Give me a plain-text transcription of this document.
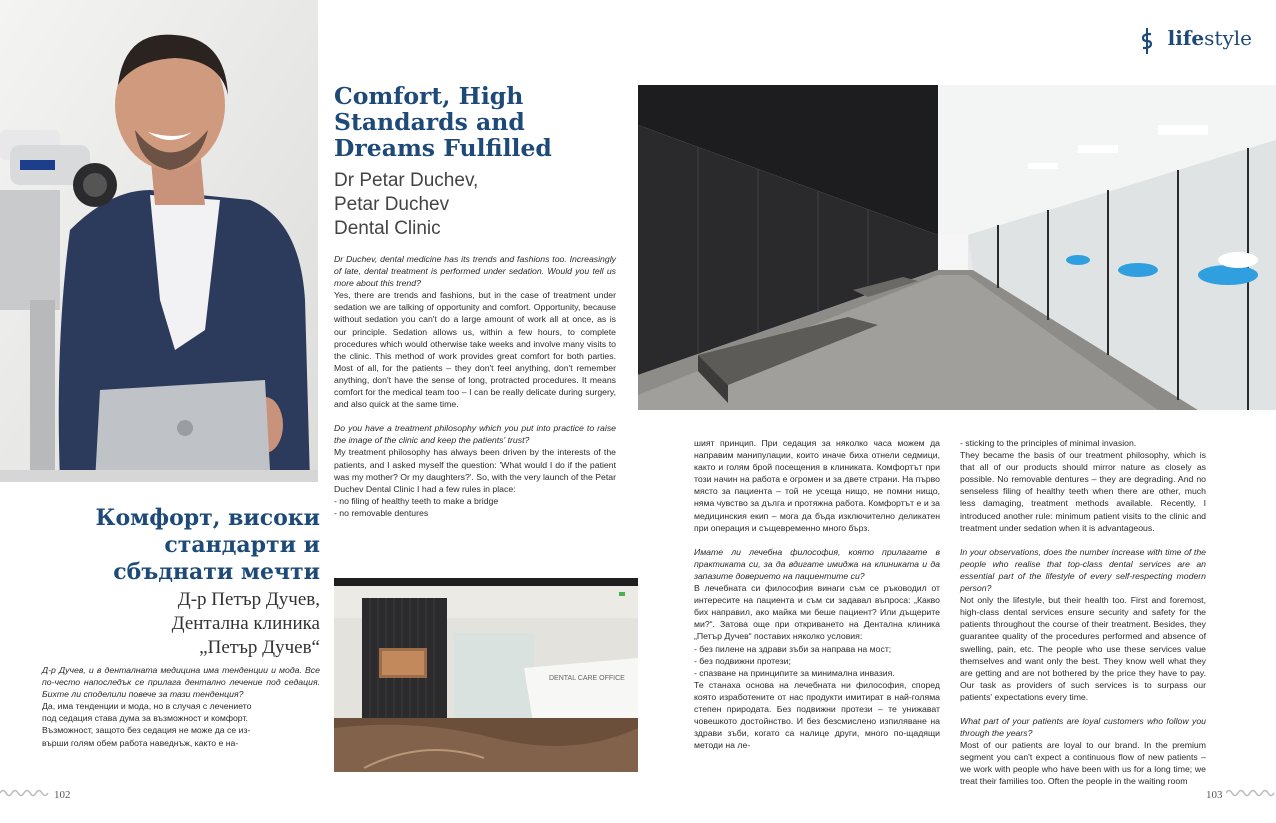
Comfort, High
Standards and
Dreams Fulfilled
Dr Petar Duchev,
Petar Duchev
Dental Clinic

Dr Duchev, dental medicine has its trends and fashions too. Increasingly of late, dental treatment is performed under sedation. Would you tell us more about this trend?

Yes, there are trends and fashions, but in the case of treatment under sedation we are talking of opportunity and comfort. Opportunity, because without sedation you can't do a large amount of work all at once, as is our principle. Sedation allows us, within a few hours, to complete procedures which would otherwise take weeks and involve many visits to the clinic. This method of work provides great comfort for both parties. Most of all, for the patients – they don't feel anything, don't remember anything, don't have the sense of long, protracted procedures. It means comfort for the medical team too – I can be really delicate during surgery, and also quick at the same time.

Do you have a treatment philosophy which you put into practice to raise the image of the clinic and keep the patients' trust?

My treatment philosophy has always been driven by the interests of the patients, and I asked myself the question: 'What would I do if the patient was my mother? Or my daughters?'. So, with the very launch of the Petar Duchev Dental Clinic I had a few rules in place:

- no filing of healthy teeth to make a bridge
- no removable dentures
Комфорт, високи
стандарти и
сбъднати мечти
Д-р Петър Дучев,
Дентална клиника
„Петър Дучев“

Д-р Дучев, и в денталната медицина има тенденции и мода. Все по-често напоследък се прилага дентално лечение под седация. Бихте ли споделили повече за тази тенденция?

Да, има тенденции и мода, но в случая с лечението
под седация става дума за възможност и комфорт.
Възможност, защото без седация не може да се из-
върши голям обем работа наведнъж, както е на-
DENTAL CARE OFFICE
lifestyle

шият принцип. При седация за няколко часа можем да направим манипулации, които иначе биха отнели седмици, както и голям брой посещения в клиниката. Комфортът при този начин на работа е огромен и за двете страни. На първо място за пациента – той не усеща нищо, не помни нищо, няма чувство за дълга и протяжна работа. Комфортът е и за медицинския екип – мога да бъда изключително деликатен при операция и същевременно много бърз.

Имате ли лечебна философия, която прилагате в практиката си, за да вдигате имиджа на клиниката и да запазите доверието на пациентите си?

В лечебната си философия винаги съм се ръководил от интересите на пациента и съм си задавал въпроса: „Какво бих направил, ако майка ми беше пациент? Или дъщерите ми?“. Затова още при откриването на Дентална клиника „Петър Дучев“ поставих няколко условия:

- без пилене на здрави зъби за направа на мост;
- без подвижни протези;
- спазване на принципите за минимална инвазия.

Те станаха основа на лечебната ни философия, според която изработените от нас продукти имитират в най-голяма степен природата. Без подвижни протези – те унижават човешкото достойнство. И без безсмислено изпиляване на здрави зъби, когато са налице други, много по-щадящи методи на ле-

- sticking to the principles of minimal invasion.

They became the basis of our treatment philosophy, which is that all of our products should mirror nature as closely as possible. No removable dentures – they are degrading. And no senseless filing of healthy teeth when there are other, much less damaging, treatment methods available. Recently, I introduced another rule: minimum patient visits to the clinic and treatment under sedation when it is advantageous.

In your observations, does the number increase with time of the people who realise that top-class dental services are an essential part of the lifestyle of every self-respecting modern person?

Not only the lifestyle, but their health too. First and foremost, high-class dental services ensure security and safety for the patients throughout the course of their treatment. Besides, they guarantee quality of the procedures performed and absence of swelling, pain, etc. The people who use these services value themselves and want only the best. They know well what they are getting and are not bothered by the price they have to pay. Our task as providers of such services is to surpass our patients' expectations every time.

What part of your patients are loyal customers who follow you through the years?

Most of our patients are loyal to our brand. In the premium segment you can't expect a continuous flow of new patients – we work with people who have been with us for a long time; we treat their families too. Often the people in the waiting room

102	103
